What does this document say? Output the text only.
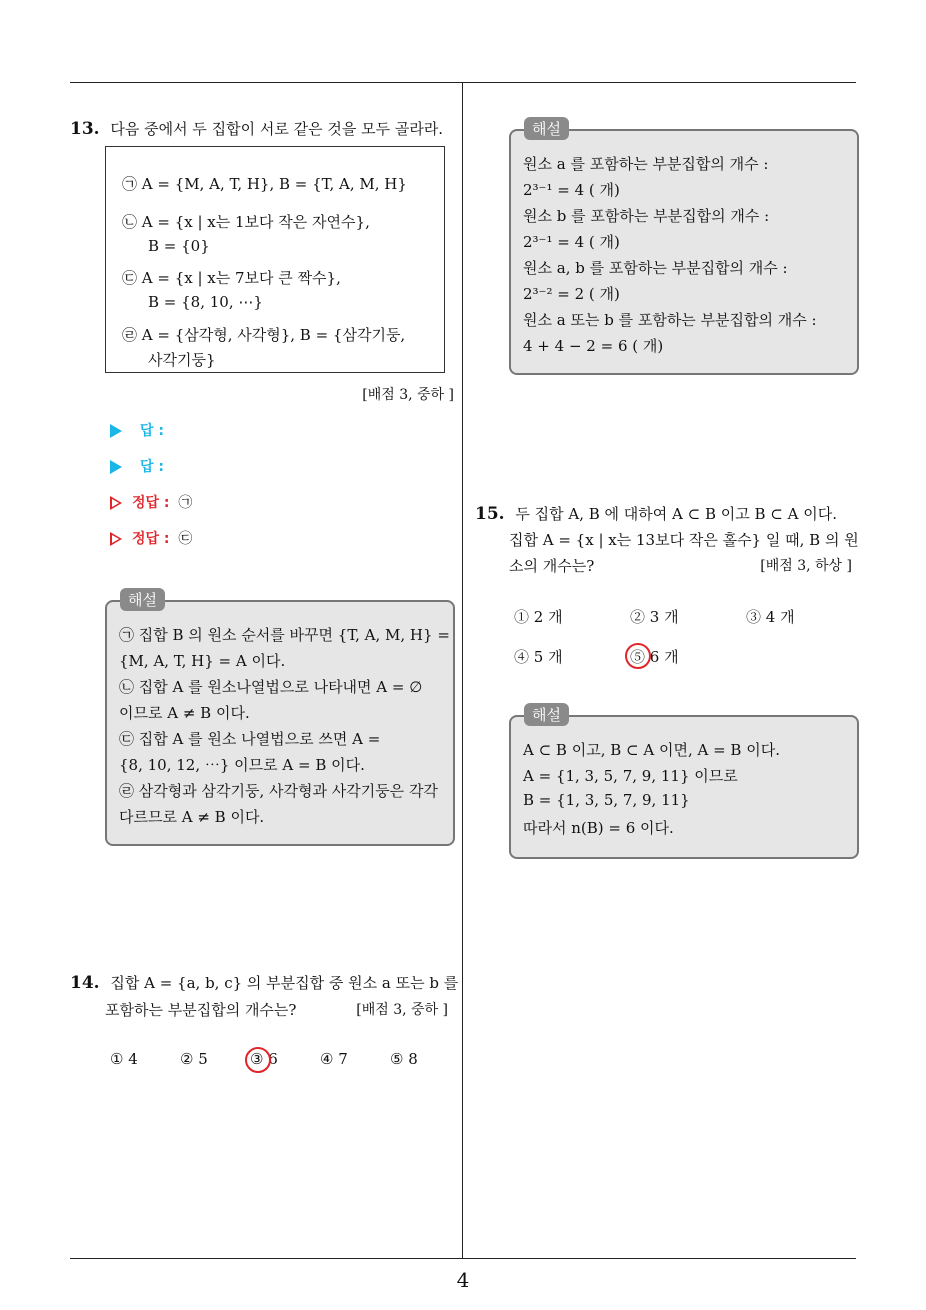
13. 다음 중에서 두 집합이 서로 같은 것을 모두 골라라.
㉠ A = {M, A, T, H}, B = {T, A, M, H}
㉡ A = {x | x는 1보다 작은 자연수},
B = {0}
㉢ A = {x | x는 7보다 큰 짝수},
B = {8, 10, ⋯}
㉣ A = {삼각형, 사각형}, B = {삼각기둥,
사각기둥}
[배점 3, 중하 ]
답 :
답 :
정답 : ㉠
정답 : ㉢
㉠ 집합 B 의 원소 순서를 바꾸면 {T, A, M, H} =
{M, A, T, H} = A 이다.
㉡ 집합 A 를 원소나열법으로 나타내면 A = ∅
이므로 A ≠ B 이다.
㉢ 집합 A 를 원소 나열법으로 쓰면 A =
{8, 10, 12, ⋯} 이므로 A = B 이다.
㉣ 삼각형과 삼각기둥, 사각형과 사각기둥은 각각
다르므로 A ≠ B 이다.
해설
14. 집합 A = {a, b, c} 의 부분집합 중 원소 a 또는 b 를
포함하는 부분집합의 개수는?	[배점 3, 중하 ]
① 4	② 5	③ 6	④ 7	⑤ 8
원소 a 를 포함하는 부분집합의 개수 :
2³⁻¹ = 4 ( 개)
원소 b 를 포함하는 부분집합의 개수 :
2³⁻¹ = 4 ( 개)
원소 a, b 를 포함하는 부분집합의 개수 :
2³⁻² = 2 ( 개)
원소 a 또는 b 를 포함하는 부분집합의 개수 :
4 + 4 − 2 = 6 ( 개)
해설
15. 두 집합 A, B 에 대하여 A ⊂ B 이고 B ⊂ A 이다.
집합 A = {x | x는 13보다 작은 홀수} 일 때, B 의 원
소의 개수는?	[배점 3, 하상 ]
① 2 개	② 3 개	③ 4 개
④ 5 개	⑤ 6 개
A ⊂ B 이고, B ⊂ A 이면, A = B 이다.
A = {1, 3, 5, 7, 9, 11} 이므로
B = {1, 3, 5, 7, 9, 11}
따라서 n(B) = 6 이다.
해설
4
